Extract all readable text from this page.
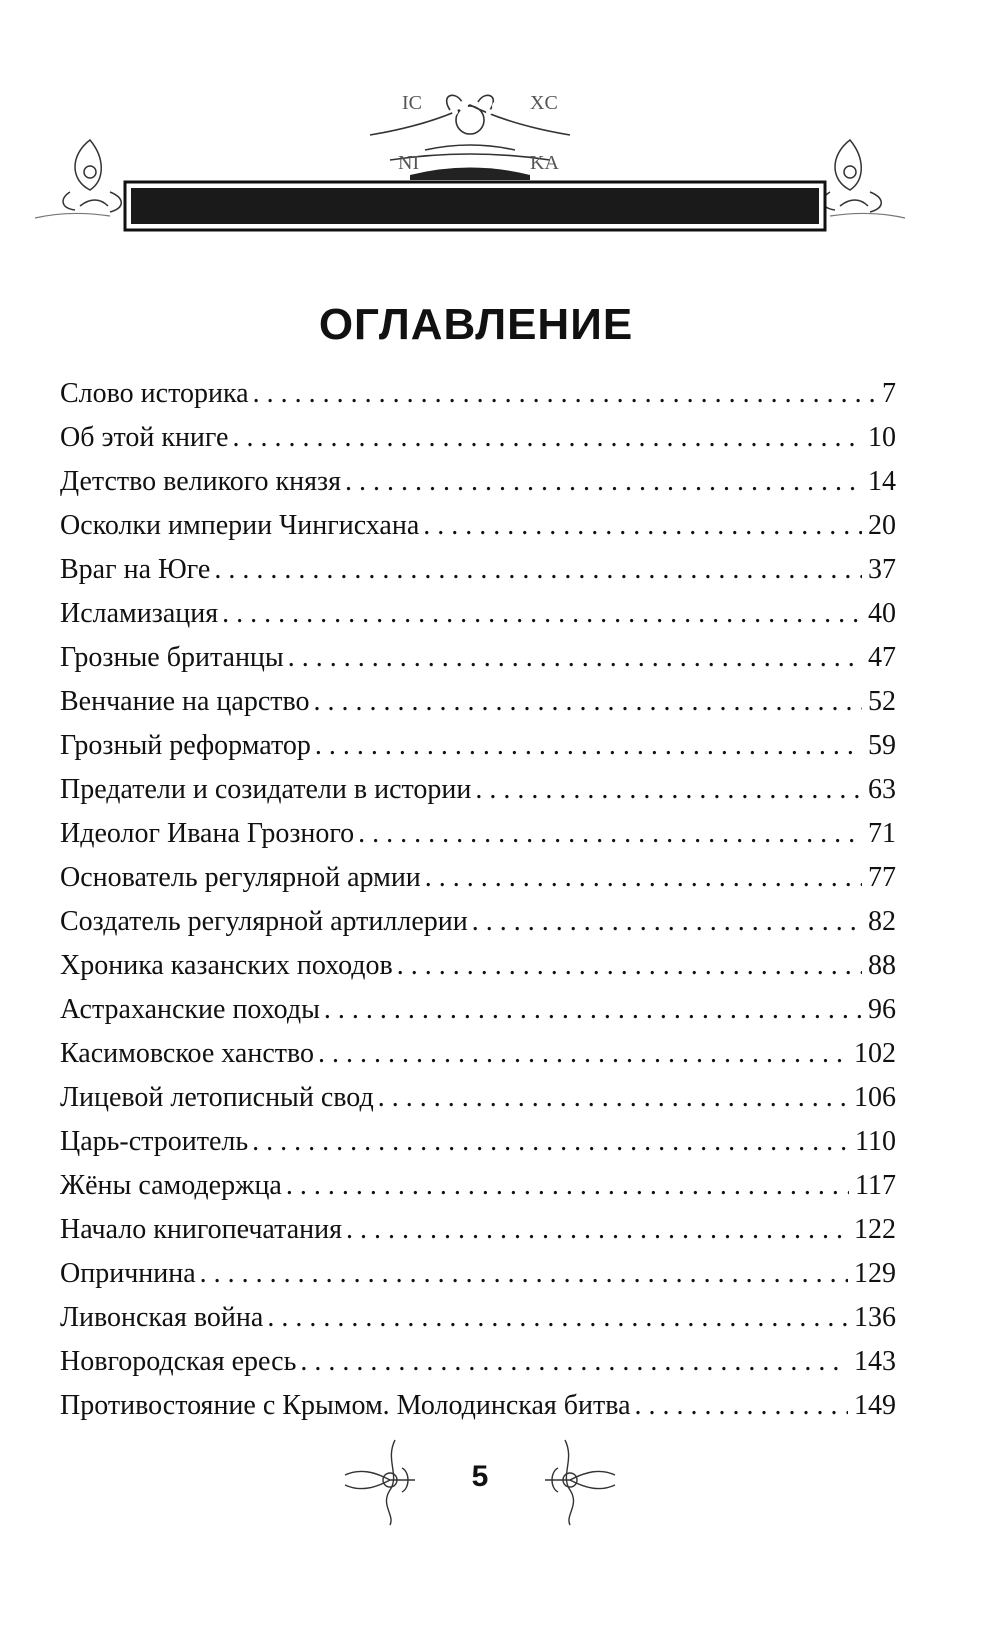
IC	XC
NI	KA
ОГЛАВЛЕНИЕ
Слово историка . . .	7
Об этой книге . . .	10
Детство великого князя . . .	14
Осколки империи Чингисхана . . .	20
Враг на Юге . . .	37
Исламизация . . .	40
Грозные британцы . . .	47
Венчание на царство . . .	52
Грозный реформатор . . .	59
Предатели и созидатели в истории . . .	63
Идеолог Ивана Грозного . . .	71
Основатель регулярной армии . . .	77
Создатель регулярной артиллерии . . .	82
Хроника казанских походов . . .	88
Астраханские походы . . .	96
Касимовское ханство . . .	102
Лицевой летописный свод . . .	106
Царь-строитель . . .	110
Жёны самодержца . . .	117
Начало книгопечатания . . .	122
Опричнина . . .	129
Ливонская война . . .	136
Новгородская ересь . . .	143
Противостояние с Крымом. Молодинская битва . . .	149
5
